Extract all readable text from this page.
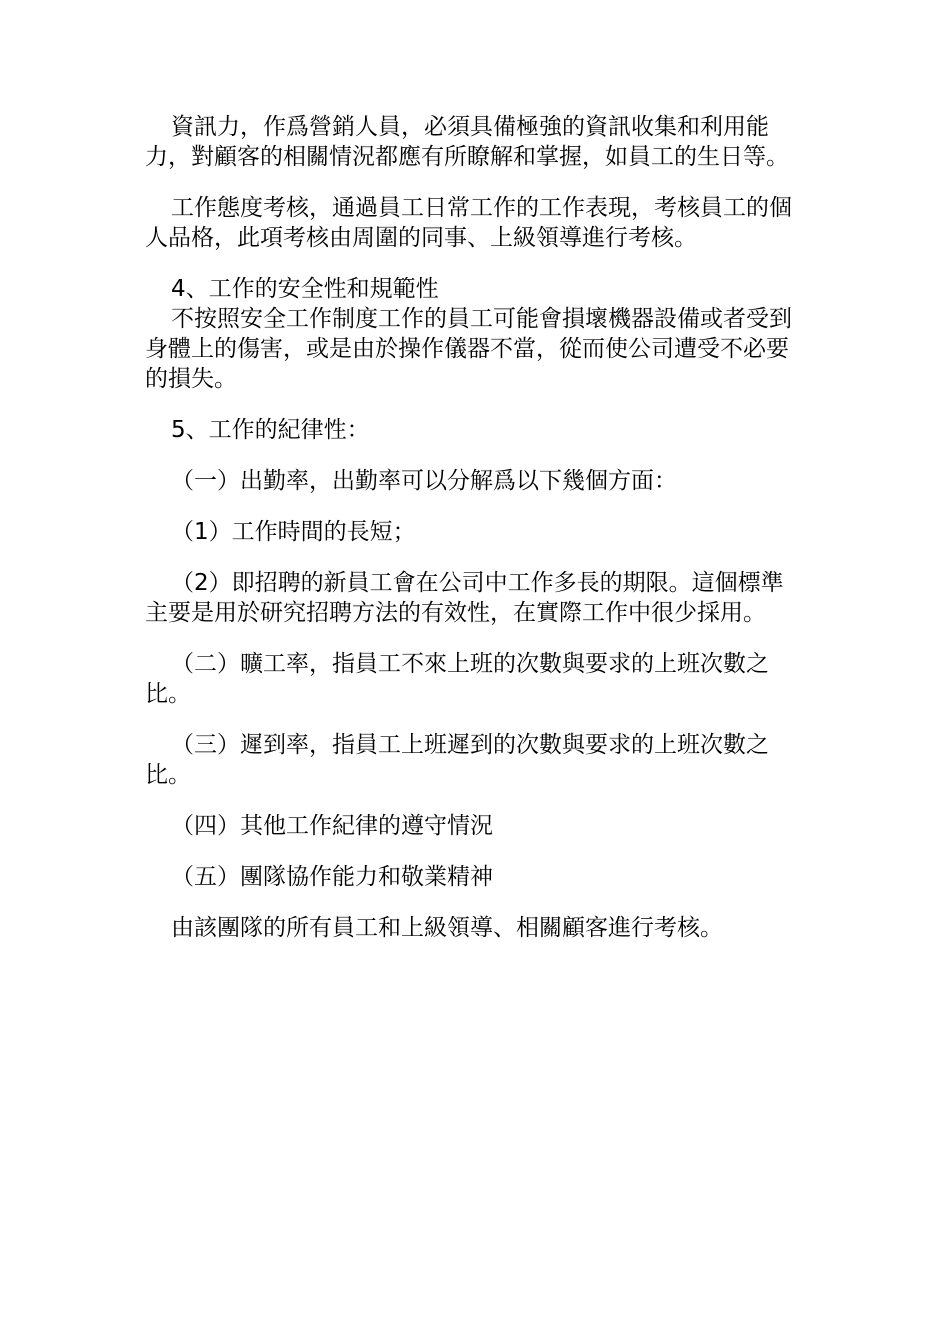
資訊力，作爲營銷人員，必須具備極強的資訊收集和利用能力，對顧客的相關情況都應有所瞭解和掌握，如員工的生日等。

工作態度考核，通過員工日常工作的工作表現，考核員工的個人品格，此項考核由周圍的同事、上級領導進行考核。

4、工作的安全性和規範性

不按照安全工作制度工作的員工可能會損壞機器設備或者受到身體上的傷害，或是由於操作儀器不當，從而使公司遭受不必要的損失。

5、工作的紀律性：

（一）出勤率，出勤率可以分解爲以下幾個方面：

（1）工作時間的長短；

（2）即招聘的新員工會在公司中工作多長的期限。這個標準主要是用於研究招聘方法的有效性，在實際工作中很少採用。

（二）曠工率，指員工不來上班的次數與要求的上班次數之比。

（三）遲到率，指員工上班遲到的次數與要求的上班次數之比。

（四）其他工作紀律的遵守情況

（五）團隊協作能力和敬業精神

由該團隊的所有員工和上級領導、相關顧客進行考核。
